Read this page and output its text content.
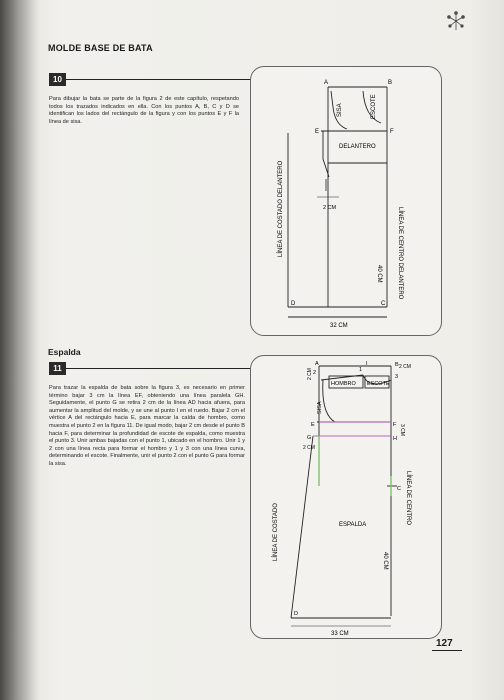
MOLDE BASE DE BATA
10
Para dibujar la bata se parte de la figura 2 de este capítulo, respetando todos los trazados indicados en ella. Con los puntos A, B, C y D se identifican los lados del rectángulo de la figura y con los puntos E y F la línea de sisa.
A	B
C
D
E	F
SISA	ESCOTE
DELANTERO
2 CM
LÍNEA DE COSTADO DELANTERO	LÍNEA DE CENTRO DELANTERO
40 CM
32 CM
Espalda
11
Para trazar la espalda de bata sobre la figura 3, es necesario en primer término bajar 3 cm la línea EF, obteniendo una línea paralela GH. Seguidamente, el punto G se retira 2 cm de la línea AD hacia afuera, para aumentar la amplitud del molde, y se une al punto I en el ruedo. Bajar 2 cm el vértice A del rectángulo hacia E, para marcar la caída de hombro, como muestra el punto 2 en la figura 11. De igual modo, bajar 2 cm desde el punto B hacia F, para determinar la profundidad de escote de espalda, como muestra el punto 3. Unir ambas bajadas con el punto 1, ubicado en el hombro. Unir 1 y 2 con una línea recta para formar el hombro y 1 y 3 con una línea curva, determinando el escote. Finalmente, unir el punto 2 con el punto G para formar la sisa.
A	I	B
2	1
3
HOMBRO ESCOTE
SISA
E	F
G	H
2 CM
2 CM
2 CM
3 CM
C
D
ESPALDA
LÍNEA DE COSTADO
LÍNEA DE CENTRO
40 CM
33 CM
127
